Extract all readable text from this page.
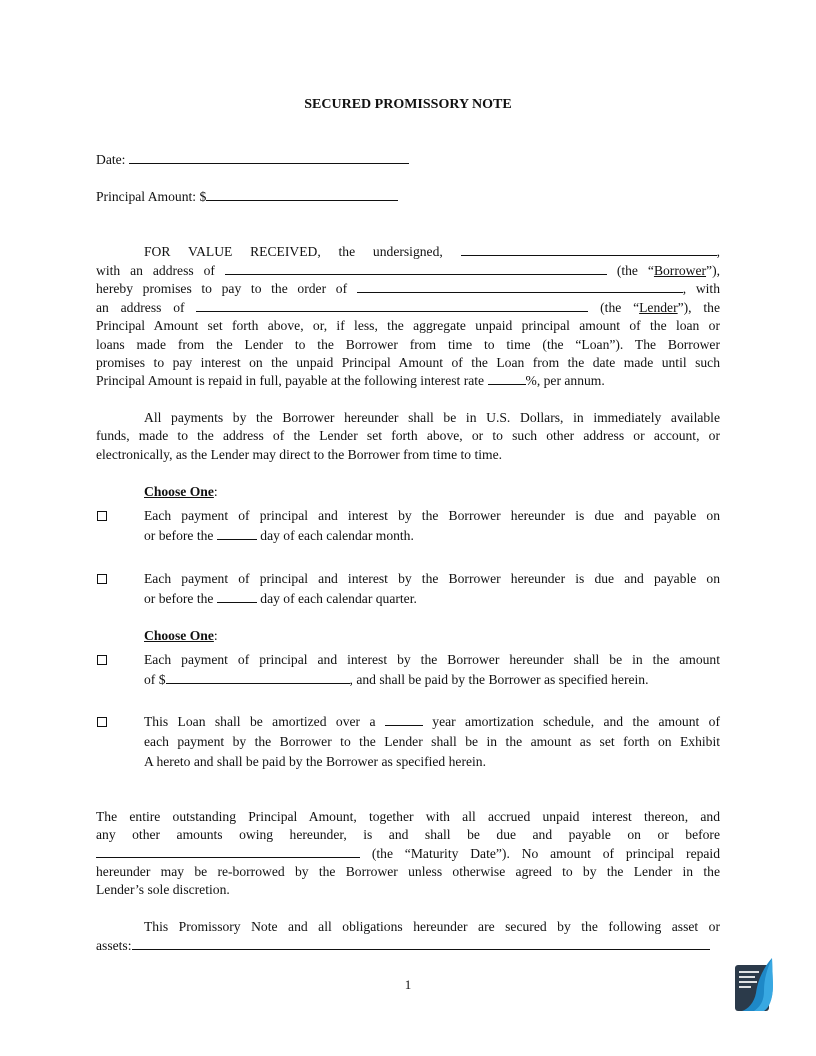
SECURED PROMISSORY NOTE
Date:
Principal Amount: $
FOR VALUE RECEIVED, the undersigned,	,
with an address of	(the “Borrower”),
hereby promises to pay to the order of	, with
an address of	(the “Lender”), the
Principal Amount set forth above, or, if less, the aggregate unpaid principal amount of the loan or
loans made from the Lender to the Borrower from time to time (the “Loan”). The Borrower
promises to pay interest on the unpaid Principal Amount of the Loan from the date made until such
Principal Amount is repaid in full, payable at the following interest rate	%, per annum.
All payments by the Borrower hereunder shall be in U.S. Dollars, in immediately available
funds, made to the address of the Lender set forth above, or to such other address or account, or
electronically, as the Lender may direct to the Borrower from time to time.
Choose One:
Each payment of principal and interest by the Borrower hereunder is due and payable on
or before the	day of each calendar month.
Each payment of principal and interest by the Borrower hereunder is due and payable on
or before the	day of each calendar quarter.
Choose One:
Each payment of principal and interest by the Borrower hereunder shall be in the amount
of $	, and shall be paid by the Borrower as specified herein.
This Loan shall be amortized over a	year amortization schedule, and the amount of
each payment by the Borrower to the Lender shall be in the amount as set forth on Exhibit
A hereto and shall be paid by the Borrower as specified herein.
The entire outstanding Principal Amount, together with all accrued unpaid interest thereon, and
any other amounts owing hereunder, is and shall be due and payable on or before
(the “Maturity Date”). No amount of principal repaid
hereunder may be re-borrowed by the Borrower unless otherwise agreed to by the Lender in the
Lender’s sole discretion.
This Promissory Note and all obligations hereunder are secured by the following asset or
assets:
1
